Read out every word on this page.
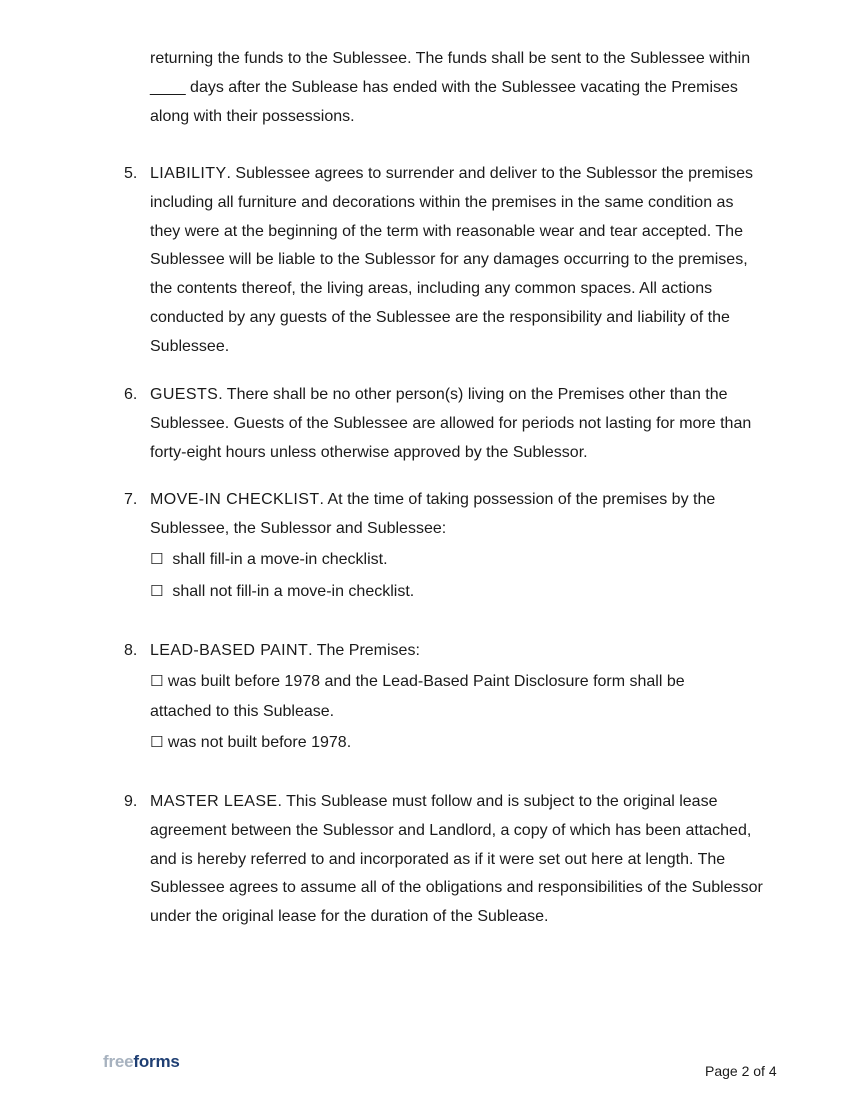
returning the funds to the Sublessee. The funds shall be sent to the Sublessee within ____ days after the Sublease has ended with the Sublessee vacating the Premises along with their possessions.
5. LIABILITY. Sublessee agrees to surrender and deliver to the Sublessor the premises including all furniture and decorations within the premises in the same condition as they were at the beginning of the term with reasonable wear and tear accepted. The Sublessee will be liable to the Sublessor for any damages occurring to the premises, the contents thereof, the living areas, including any common spaces. All actions conducted by any guests of the Sublessee are the responsibility and liability of the Sublessee.
6. GUESTS. There shall be no other person(s) living on the Premises other than the Sublessee. Guests of the Sublessee are allowed for periods not lasting for more than forty-eight hours unless otherwise approved by the Sublessor.
7. MOVE-IN CHECKLIST. At the time of taking possession of the premises by the Sublessee, the Sublessor and Sublessee:
☐ shall fill-in a move-in checklist.
☐ shall not fill-in a move-in checklist.
8. LEAD-BASED PAINT. The Premises:
☐ was built before 1978 and the Lead-Based Paint Disclosure form shall be
attached to this Sublease.
☐ was not built before 1978.
9. MASTER LEASE. This Sublease must follow and is subject to the original lease agreement between the Sublessor and Landlord, a copy of which has been attached, and is hereby referred to and incorporated as if it were set out here at length. The Sublessee agrees to assume all of the obligations and responsibilities of the Sublessor under the original lease for the duration of the Sublease.
freeforms	Page 2 of 4
